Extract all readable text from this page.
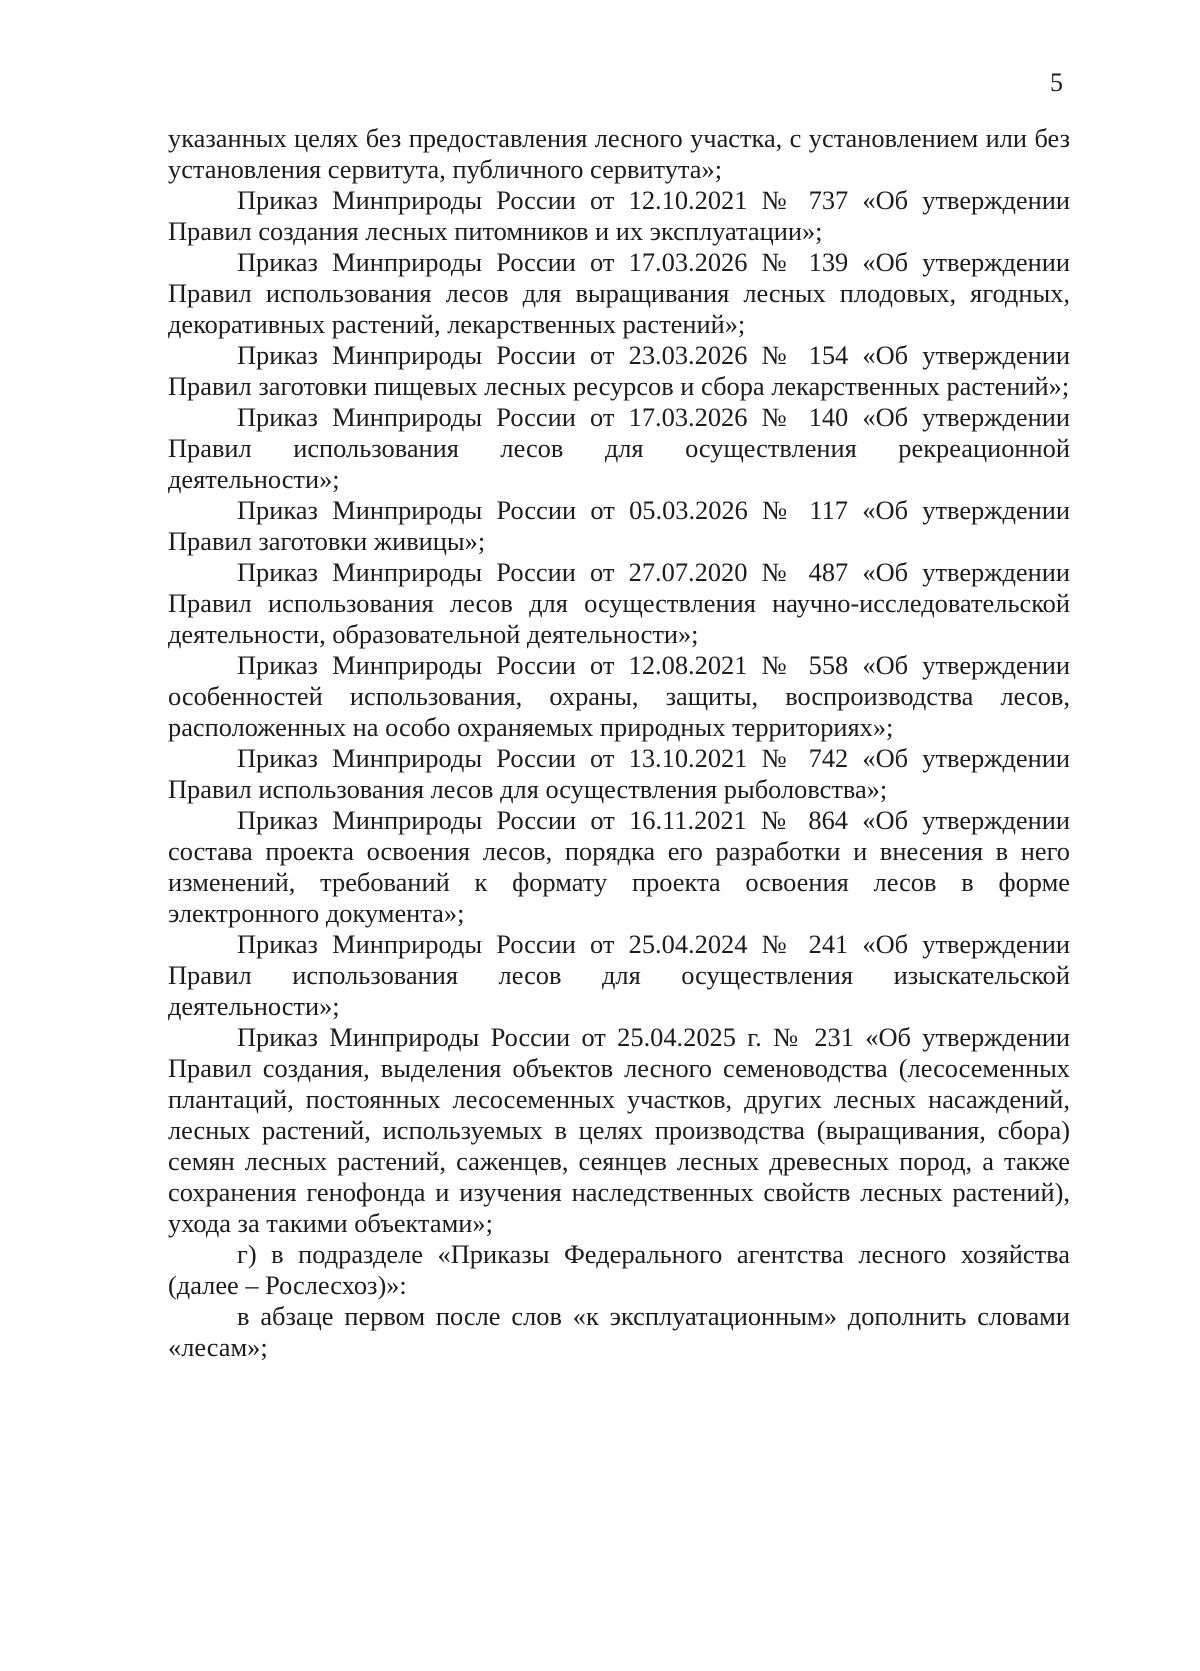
5

указанных целях без предоставления лесного участка, с установлением или без установления сервитута, публичного сервитута»;

Приказ Минприроды России от 12.10.2021 № 737 «Об утверждении Правил создания лесных питомников и их эксплуатации»;

Приказ Минприроды России от 17.03.2026 № 139 «Об утверждении Правил использования лесов для выращивания лесных плодовых, ягодных, декоративных растений, лекарственных растений»;

Приказ Минприроды России от 23.03.2026 № 154 «Об утверждении Правил заготовки пищевых лесных ресурсов и сбора лекарственных растений»;

Приказ Минприроды России от 17.03.2026 № 140 «Об утверждении Правил использования лесов для осуществления рекреационной деятельности»;

Приказ Минприроды России от 05.03.2026 № 117 «Об утверждении Правил заготовки живицы»;

Приказ Минприроды России от 27.07.2020 № 487 «Об утверждении Правил использования лесов для осуществления научно-исследовательской деятельности, образовательной деятельности»;

Приказ Минприроды России от 12.08.2021 № 558 «Об утверждении особенностей использования, охраны, защиты, воспроизводства лесов, расположенных на особо охраняемых природных территориях»;

Приказ Минприроды России от 13.10.2021 № 742 «Об утверждении Правил использования лесов для осуществления рыболовства»;

Приказ Минприроды России от 16.11.2021 № 864 «Об утверждении состава проекта освоения лесов, порядка его разработки и внесения в него изменений, требований к формату проекта освоения лесов в форме электронного документа»;

Приказ Минприроды России от 25.04.2024 № 241 «Об утверждении Правил использования лесов для осуществления изыскательской деятельности»;

Приказ Минприроды России от 25.04.2025 г. № 231 «Об утверждении Правил создания, выделения объектов лесного семеноводства (лесосеменных плантаций, постоянных лесосеменных участков, других лесных насаждений, лесных растений, используемых в целях производства (выращивания, сбора) семян лесных растений, саженцев, сеянцев лесных древесных пород, а также сохранения генофонда и изучения наследственных свойств лесных растений), ухода за такими объектами»;

г) в подразделе «Приказы Федерального агентства лесного хозяйства (далее – Рослесхоз)»:

в абзаце первом после слов «к эксплуатационным» дополнить словами «лесам»;
